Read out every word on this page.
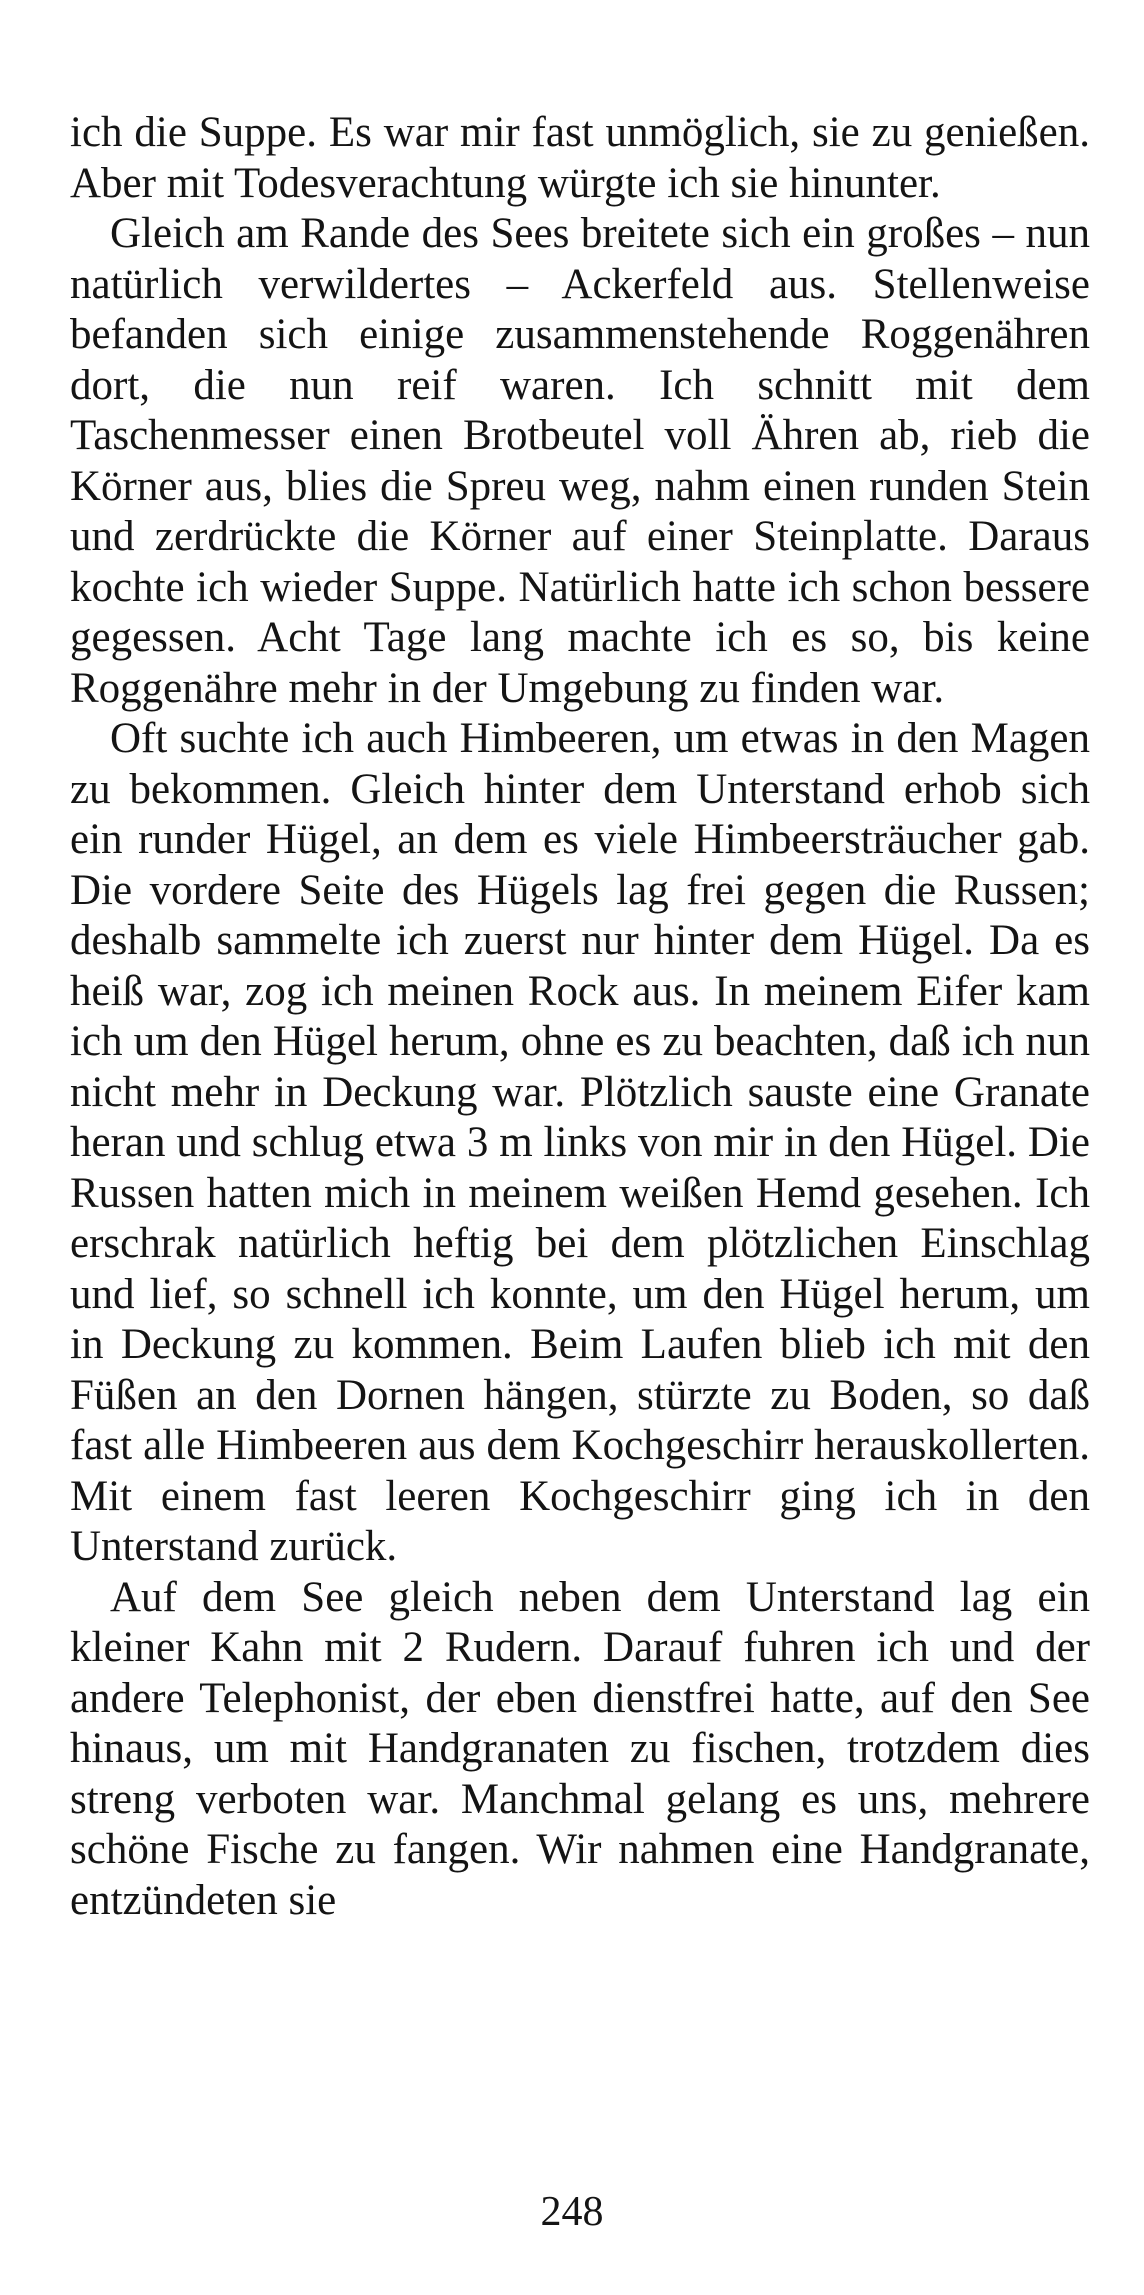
ich die Suppe. Es war mir fast unmöglich, sie zu genießen. Aber mit Todesverachtung würgte ich sie hinunter.

Gleich am Rande des Sees breitete sich ein großes – nun natürlich verwildertes – Ackerfeld aus. Stellenweise befanden sich einige zusammenstehende Roggenähren dort, die nun reif waren. Ich schnitt mit dem Taschenmesser einen Brotbeutel voll Ähren ab, rieb die Körner aus, blies die Spreu weg, nahm einen runden Stein und zerdrückte die Körner auf einer Steinplatte. Daraus kochte ich wieder Suppe. Natürlich hatte ich schon bessere gegessen. Acht Tage lang machte ich es so, bis keine Roggenähre mehr in der Umgebung zu finden war.

Oft suchte ich auch Himbeeren, um etwas in den Magen zu bekommen. Gleich hinter dem Unterstand erhob sich ein runder Hügel, an dem es viele Himbeersträucher gab. Die vordere Seite des Hügels lag frei gegen die Russen; deshalb sammelte ich zuerst nur hinter dem Hügel. Da es heiß war, zog ich meinen Rock aus. In meinem Eifer kam ich um den Hügel herum, ohne es zu beachten, daß ich nun nicht mehr in Deckung war. Plötzlich sauste eine Granate heran und schlug etwa 3 m links von mir in den Hügel. Die Russen hatten mich in meinem weißen Hemd gesehen. Ich erschrak natürlich heftig bei dem plötzlichen Einschlag und lief, so schnell ich konnte, um den Hügel herum, um in Deckung zu kommen. Beim Laufen blieb ich mit den Füßen an den Dornen hängen, stürzte zu Boden, so daß fast alle Himbeeren aus dem Kochgeschirr herauskollerten. Mit einem fast leeren Kochgeschirr ging ich in den Unterstand zurück.

Auf dem See gleich neben dem Unterstand lag ein kleiner Kahn mit 2 Rudern. Darauf fuhren ich und der andere Telephonist, der eben dienstfrei hatte, auf den See hinaus, um mit Handgranaten zu fischen, trotzdem dies streng verboten war. Manchmal gelang es uns, mehrere schöne Fische zu fangen. Wir nahmen eine Handgranate, entzündeten sie

248
